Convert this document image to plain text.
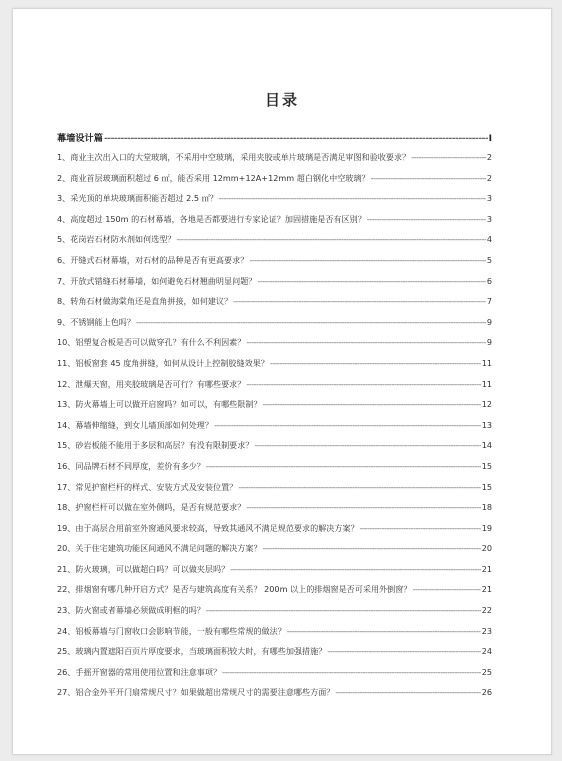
目录
幕墙设计篇 -----	I
1、商业主次出入口的大堂玻璃，不采用中空玻璃，采用夹胶或单片玻璃是否满足审图和验收要求？ -----	2
2、商业首层玻璃面积超过 6 ㎡，能否采用 12mm+12A+12mm 超白钢化中空玻璃？ -----	2
3、采光顶的单块玻璃面积能否超过 2.5 ㎡？ -----	3
4、高度超过 150m 的石材幕墙，各地是否都要进行专家论证？加固措施是否有区别？ -----	3
5、花岗岩石材防水剂如何选型？ -----	4
6、开缝式石材幕墙，对石材的品种是否有更高要求？ -----	5
7、开放式错缝石材幕墙，如何避免石材翘曲明显问题？ -----	6
8、转角石材做海棠角还是直角拼接，如何建议？ -----	7
9、不锈钢能上色吗？ -----	9
10、铝塑复合板是否可以做穿孔？有什么不利因素？ -----	9
11、铝板窗套 45 度角拼缝，如何从设计上控制胶缝效果？ -----	11
12、泄爆天窗，用夹胶玻璃是否可行？有哪些要求？ -----	11
13、防火幕墙上可以做开启窗吗？如可以，有哪些限制？ -----	12
14、幕墙伸缩缝，到女儿墙顶部如何处理？ -----	13
15、砂岩板能不能用于多层和高层？有没有限制要求？ -----	14
16、同品牌石材不同厚度，差价有多少？ -----	15
17、常见护窗栏杆的样式、安装方式及安装位置？ -----	15
18、护窗栏杆可以做在室外侧吗，是否有规范要求？ -----	18
19、由于高层合用前室外窗通风要求较高，导致其通风不满足规范要求的解决方案？ -----	19
20、关于住宅建筑功能区间通风不满足问题的解决方案？ -----	20
21、防火玻璃，可以做超白吗？可以做夹层吗？ -----	21
22、排烟窗有哪几种开启方式？是否与建筑高度有关系？ 200m 以上的排烟窗是否可采用外倒窗？ -----	21
23、防火窗或者幕墙必须做成明框的吗？ -----	22
24、铝板幕墙与门窗收口会影响节能，一般有哪些常规的做法？ -----	23
25、玻璃内置遮阳百页片厚度要求，当玻璃面积较大时，有哪些加强措施？ -----	24
26、手摇开窗器的常用使用位置和注意事项？ -----	25
27、铝合金外平开门扇常规尺寸？如果做超出常规尺寸的需要注意哪些方面？ -----	26
